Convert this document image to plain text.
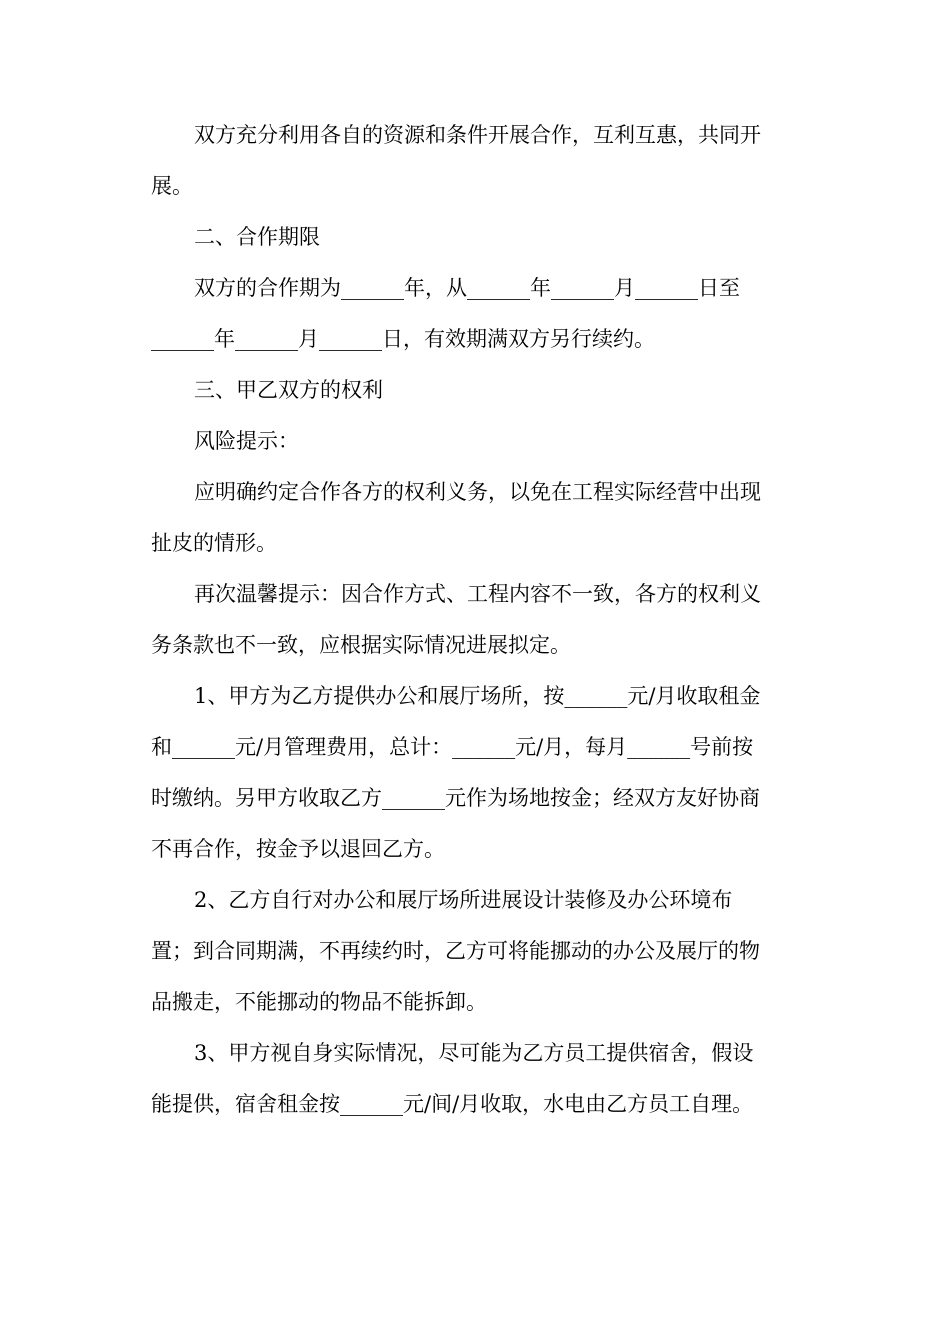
双方充分利用各自的资源和条件开展合作，互利互惠，共同开
展。
二、合作期限
双方的合作期为______年，从______年______月______日至
______年______月______日，有效期满双方另行续约。
三、甲乙双方的权利
风险提示：
应明确约定合作各方的权利义务，以免在工程实际经营中出现
扯皮的情形。
再次温馨提示：因合作方式、工程内容不一致，各方的权利义
务条款也不一致，应根据实际情况进展拟定。
1、甲方为乙方提供办公和展厅场所，按______元/月收取租金
和______元/月管理费用，总计：______元/月，每月______号前按
时缴纳。另甲方收取乙方______元作为场地按金；经双方友好协商
不再合作，按金予以退回乙方。
2、乙方自行对办公和展厅场所进展设计装修及办公环境布
置；到合同期满，不再续约时，乙方可将能挪动的办公及展厅的物
品搬走，不能挪动的物品不能拆卸。
3、甲方视自身实际情况，尽可能为乙方员工提供宿舍，假设
能提供，宿舍租金按______元/间/月收取，水电由乙方员工自理。
